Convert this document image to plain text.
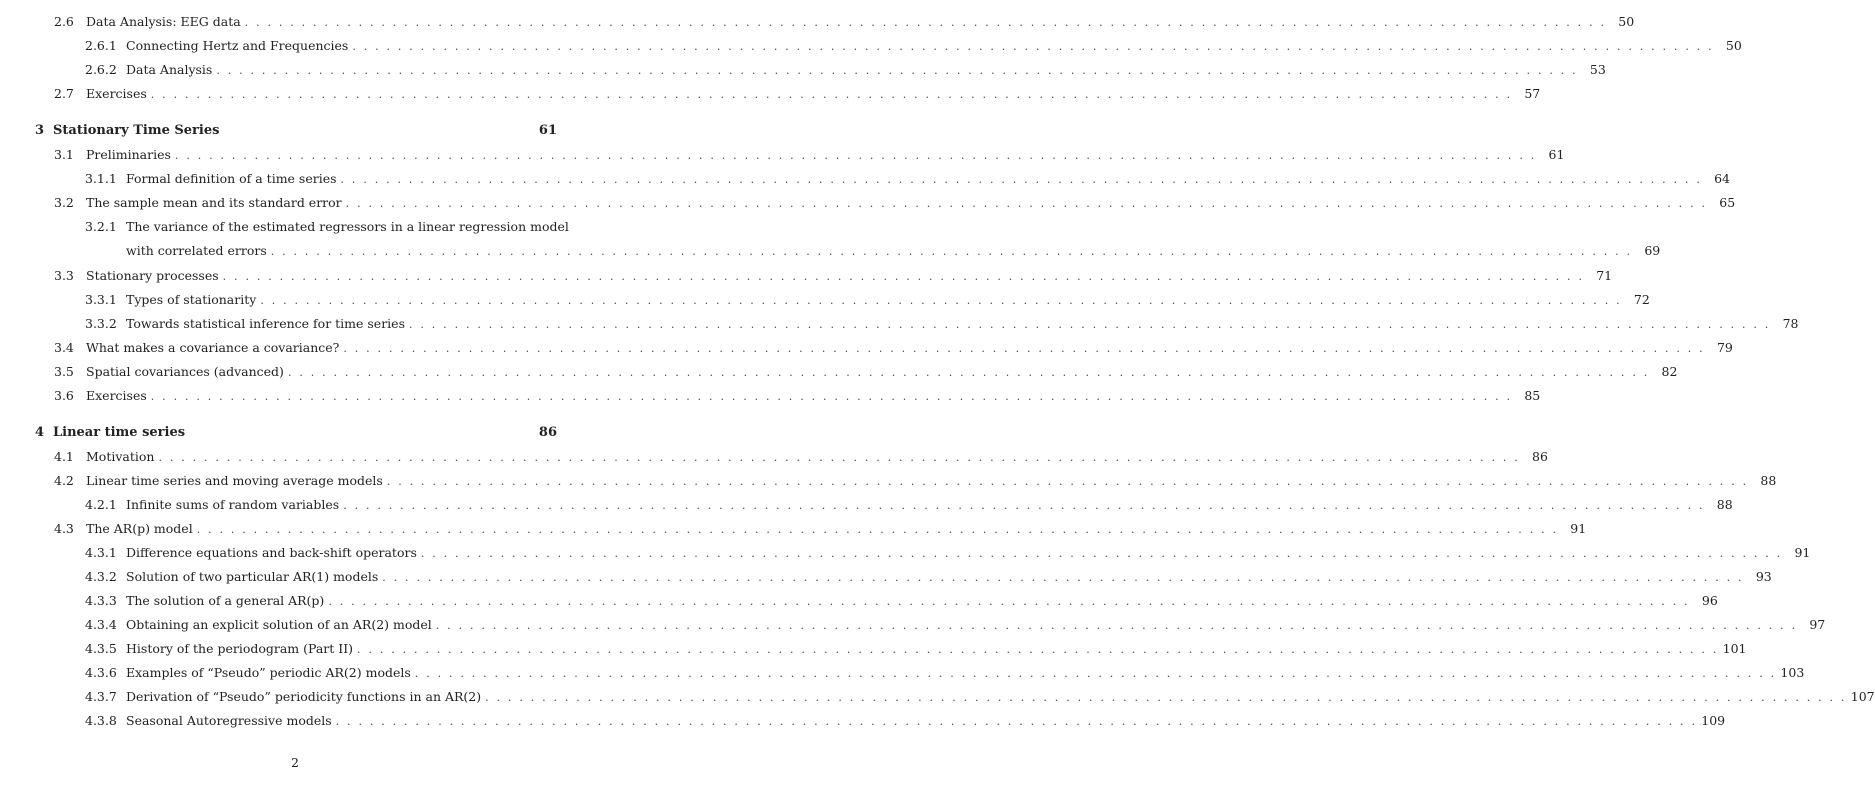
2.6 Data Analysis: EEG data . . . . . . . . . . . . . . . . . . . . . . . . . . . . . . . . . . . . . . . . . . . . . . . . . . . . . . . . . . . . . . . . . . . . . . . . . . . . . . . . . . . . . . . . . . . . . . . . . . . . . . . . . . . . . . . . . . . . . . . . 50
2.6.1 Connecting Hertz and Frequencies . . . . . . . . . . . . . . . . . . . . . . . . . . . . . . . . . . . . . . . . . . . . . . . . . . . . . . . . . . . . . . . . . . . . . . . . . . . . . . . . . . . . . . . . . . . . . . . . . . . . . . . . . . . . . . . . . . . . . . . . 50
2.6.2 Data Analysis . . . . . . . . . . . . . . . . . . . . . . . . . . . . . . . . . . . . . . . . . . . . . . . . . . . . . . . . . . . . . . . . . . . . . . . . . . . . . . . . . . . . . . . . . . . . . . . . . . . . . . . . . . . . . . . . . . . . . . . . 53
2.7 Exercises . . . . . . . . . . . . . . . . . . . . . . . . . . . . . . . . . . . . . . . . . . . . . . . . . . . . . . . . . . . . . . . . . . . . . . . . . . . . . . . . . . . . . . . . . . . . . . . . . . . . . . . . . . . . . . . . . . . . . . . . 57
3 Stationary Time Series	61
3.1 Preliminaries . . . . . . . . . . . . . . . . . . . . . . . . . . . . . . . . . . . . . . . . . . . . . . . . . . . . . . . . . . . . . . . . . . . . . . . . . . . . . . . . . . . . . . . . . . . . . . . . . . . . . . . . . . . . . . . . . . . . . . . . 61
3.1.1 Formal definition of a time series . . . . . . . . . . . . . . . . . . . . . . . . . . . . . . . . . . . . . . . . . . . . . . . . . . . . . . . . . . . . . . . . . . . . . . . . . . . . . . . . . . . . . . . . . . . . . . . . . . . . . . . . . . . . . . . . . . . . . . . . 64
3.2 The sample mean and its standard error . . . . . . . . . . . . . . . . . . . . . . . . . . . . . . . . . . . . . . . . . . . . . . . . . . . . . . . . . . . . . . . . . . . . . . . . . . . . . . . . . . . . . . . . . . . . . . . . . . . . . . . . . . . . . . . . . . . . . . . . 65
3.2.1 The variance of the estimated regressors in a linear regression model
with correlated errors . . . . . . . . . . . . . . . . . . . . . . . . . . . . . . . . . . . . . . . . . . . . . . . . . . . . . . . . . . . . . . . . . . . . . . . . . . . . . . . . . . . . . . . . . . . . . . . . . . . . . . . . . . . . . . . . . . . . . . . . 69
3.3 Stationary processes . . . . . . . . . . . . . . . . . . . . . . . . . . . . . . . . . . . . . . . . . . . . . . . . . . . . . . . . . . . . . . . . . . . . . . . . . . . . . . . . . . . . . . . . . . . . . . . . . . . . . . . . . . . . . . . . . . . . . . . . 71
3.3.1 Types of stationarity . . . . . . . . . . . . . . . . . . . . . . . . . . . . . . . . . . . . . . . . . . . . . . . . . . . . . . . . . . . . . . . . . . . . . . . . . . . . . . . . . . . . . . . . . . . . . . . . . . . . . . . . . . . . . . . . . . . . . . . . 72
3.3.2 Towards statistical inference for time series . . . . . . . . . . . . . . . . . . . . . . . . . . . . . . . . . . . . . . . . . . . . . . . . . . . . . . . . . . . . . . . . . . . . . . . . . . . . . . . . . . . . . . . . . . . . . . . . . . . . . . . . . . . . . . . . . . . . . . . . 78
3.4 What makes a covariance a covariance? . . . . . . . . . . . . . . . . . . . . . . . . . . . . . . . . . . . . . . . . . . . . . . . . . . . . . . . . . . . . . . . . . . . . . . . . . . . . . . . . . . . . . . . . . . . . . . . . . . . . . . . . . . . . . . . . . . . . . . . . 79
3.5 Spatial covariances (advanced) . . . . . . . . . . . . . . . . . . . . . . . . . . . . . . . . . . . . . . . . . . . . . . . . . . . . . . . . . . . . . . . . . . . . . . . . . . . . . . . . . . . . . . . . . . . . . . . . . . . . . . . . . . . . . . . . . . . . . . . . 82
3.6 Exercises . . . . . . . . . . . . . . . . . . . . . . . . . . . . . . . . . . . . . . . . . . . . . . . . . . . . . . . . . . . . . . . . . . . . . . . . . . . . . . . . . . . . . . . . . . . . . . . . . . . . . . . . . . . . . . . . . . . . . . . . 85
4 Linear time series	86
4.1 Motivation . . . . . . . . . . . . . . . . . . . . . . . . . . . . . . . . . . . . . . . . . . . . . . . . . . . . . . . . . . . . . . . . . . . . . . . . . . . . . . . . . . . . . . . . . . . . . . . . . . . . . . . . . . . . . . . . . . . . . . . . 86
4.2 Linear time series and moving average models . . . . . . . . . . . . . . . . . . . . . . . . . . . . . . . . . . . . . . . . . . . . . . . . . . . . . . . . . . . . . . . . . . . . . . . . . . . . . . . . . . . . . . . . . . . . . . . . . . . . . . . . . . . . . . . . . . . . . . . . 88
4.2.1 Infinite sums of random variables . . . . . . . . . . . . . . . . . . . . . . . . . . . . . . . . . . . . . . . . . . . . . . . . . . . . . . . . . . . . . . . . . . . . . . . . . . . . . . . . . . . . . . . . . . . . . . . . . . . . . . . . . . . . . . . . . . . . . . . . 88
4.3 The AR(p) model . . . . . . . . . . . . . . . . . . . . . . . . . . . . . . . . . . . . . . . . . . . . . . . . . . . . . . . . . . . . . . . . . . . . . . . . . . . . . . . . . . . . . . . . . . . . . . . . . . . . . . . . . . . . . . . . . . . . . . . . 91
4.3.1 Difference equations and back-shift operators . . . . . . . . . . . . . . . . . . . . . . . . . . . . . . . . . . . . . . . . . . . . . . . . . . . . . . . . . . . . . . . . . . . . . . . . . . . . . . . . . . . . . . . . . . . . . . . . . . . . . . . . . . . . . . . . . . . . . . . . 91
4.3.2 Solution of two particular AR(1) models . . . . . . . . . . . . . . . . . . . . . . . . . . . . . . . . . . . . . . . . . . . . . . . . . . . . . . . . . . . . . . . . . . . . . . . . . . . . . . . . . . . . . . . . . . . . . . . . . . . . . . . . . . . . . . . . . . . . . . . . 93
4.3.3 The solution of a general AR(p) . . . . . . . . . . . . . . . . . . . . . . . . . . . . . . . . . . . . . . . . . . . . . . . . . . . . . . . . . . . . . . . . . . . . . . . . . . . . . . . . . . . . . . . . . . . . . . . . . . . . . . . . . . . . . . . . . . . . . . . . 96
4.3.4 Obtaining an explicit solution of an AR(2) model . . . . . . . . . . . . . . . . . . . . . . . . . . . . . . . . . . . . . . . . . . . . . . . . . . . . . . . . . . . . . . . . . . . . . . . . . . . . . . . . . . . . . . . . . . . . . . . . . . . . . . . . . . . . . . . . . . . . . . . . 97
4.3.5 History of the periodogram (Part II) . . . . . . . . . . . . . . . . . . . . . . . . . . . . . . . . . . . . . . . . . . . . . . . . . . . . . . . . . . . . . . . . . . . . . . . . . . . . . . . . . . . . . . . . . . . . . . . . . . . . . . . . . . . . . . . . . . . . . . . . 101
4.3.6 Examples of “Pseudo” periodic AR(2) models . . . . . . . . . . . . . . . . . . . . . . . . . . . . . . . . . . . . . . . . . . . . . . . . . . . . . . . . . . . . . . . . . . . . . . . . . . . . . . . . . . . . . . . . . . . . . . . . . . . . . . . . . . . . . . . . . . . . . . . . 103
4.3.7 Derivation of “Pseudo” periodicity functions in an AR(2) . . . . . . . . . . . . . . . . . . . . . . . . . . . . . . . . . . . . . . . . . . . . . . . . . . . . . . . . . . . . . . . . . . . . . . . . . . . . . . . . . . . . . . . . . . . . . . . . . . . . . . . . . . . . . . . . . . . . . . . . 107
4.3.8 Seasonal Autoregressive models . . . . . . . . . . . . . . . . . . . . . . . . . . . . . . . . . . . . . . . . . . . . . . . . . . . . . . . . . . . . . . . . . . . . . . . . . . . . . . . . . . . . . . . . . . . . . . . . . . . . . . . . . . . . . . . . . . . . . . . . 109
2
